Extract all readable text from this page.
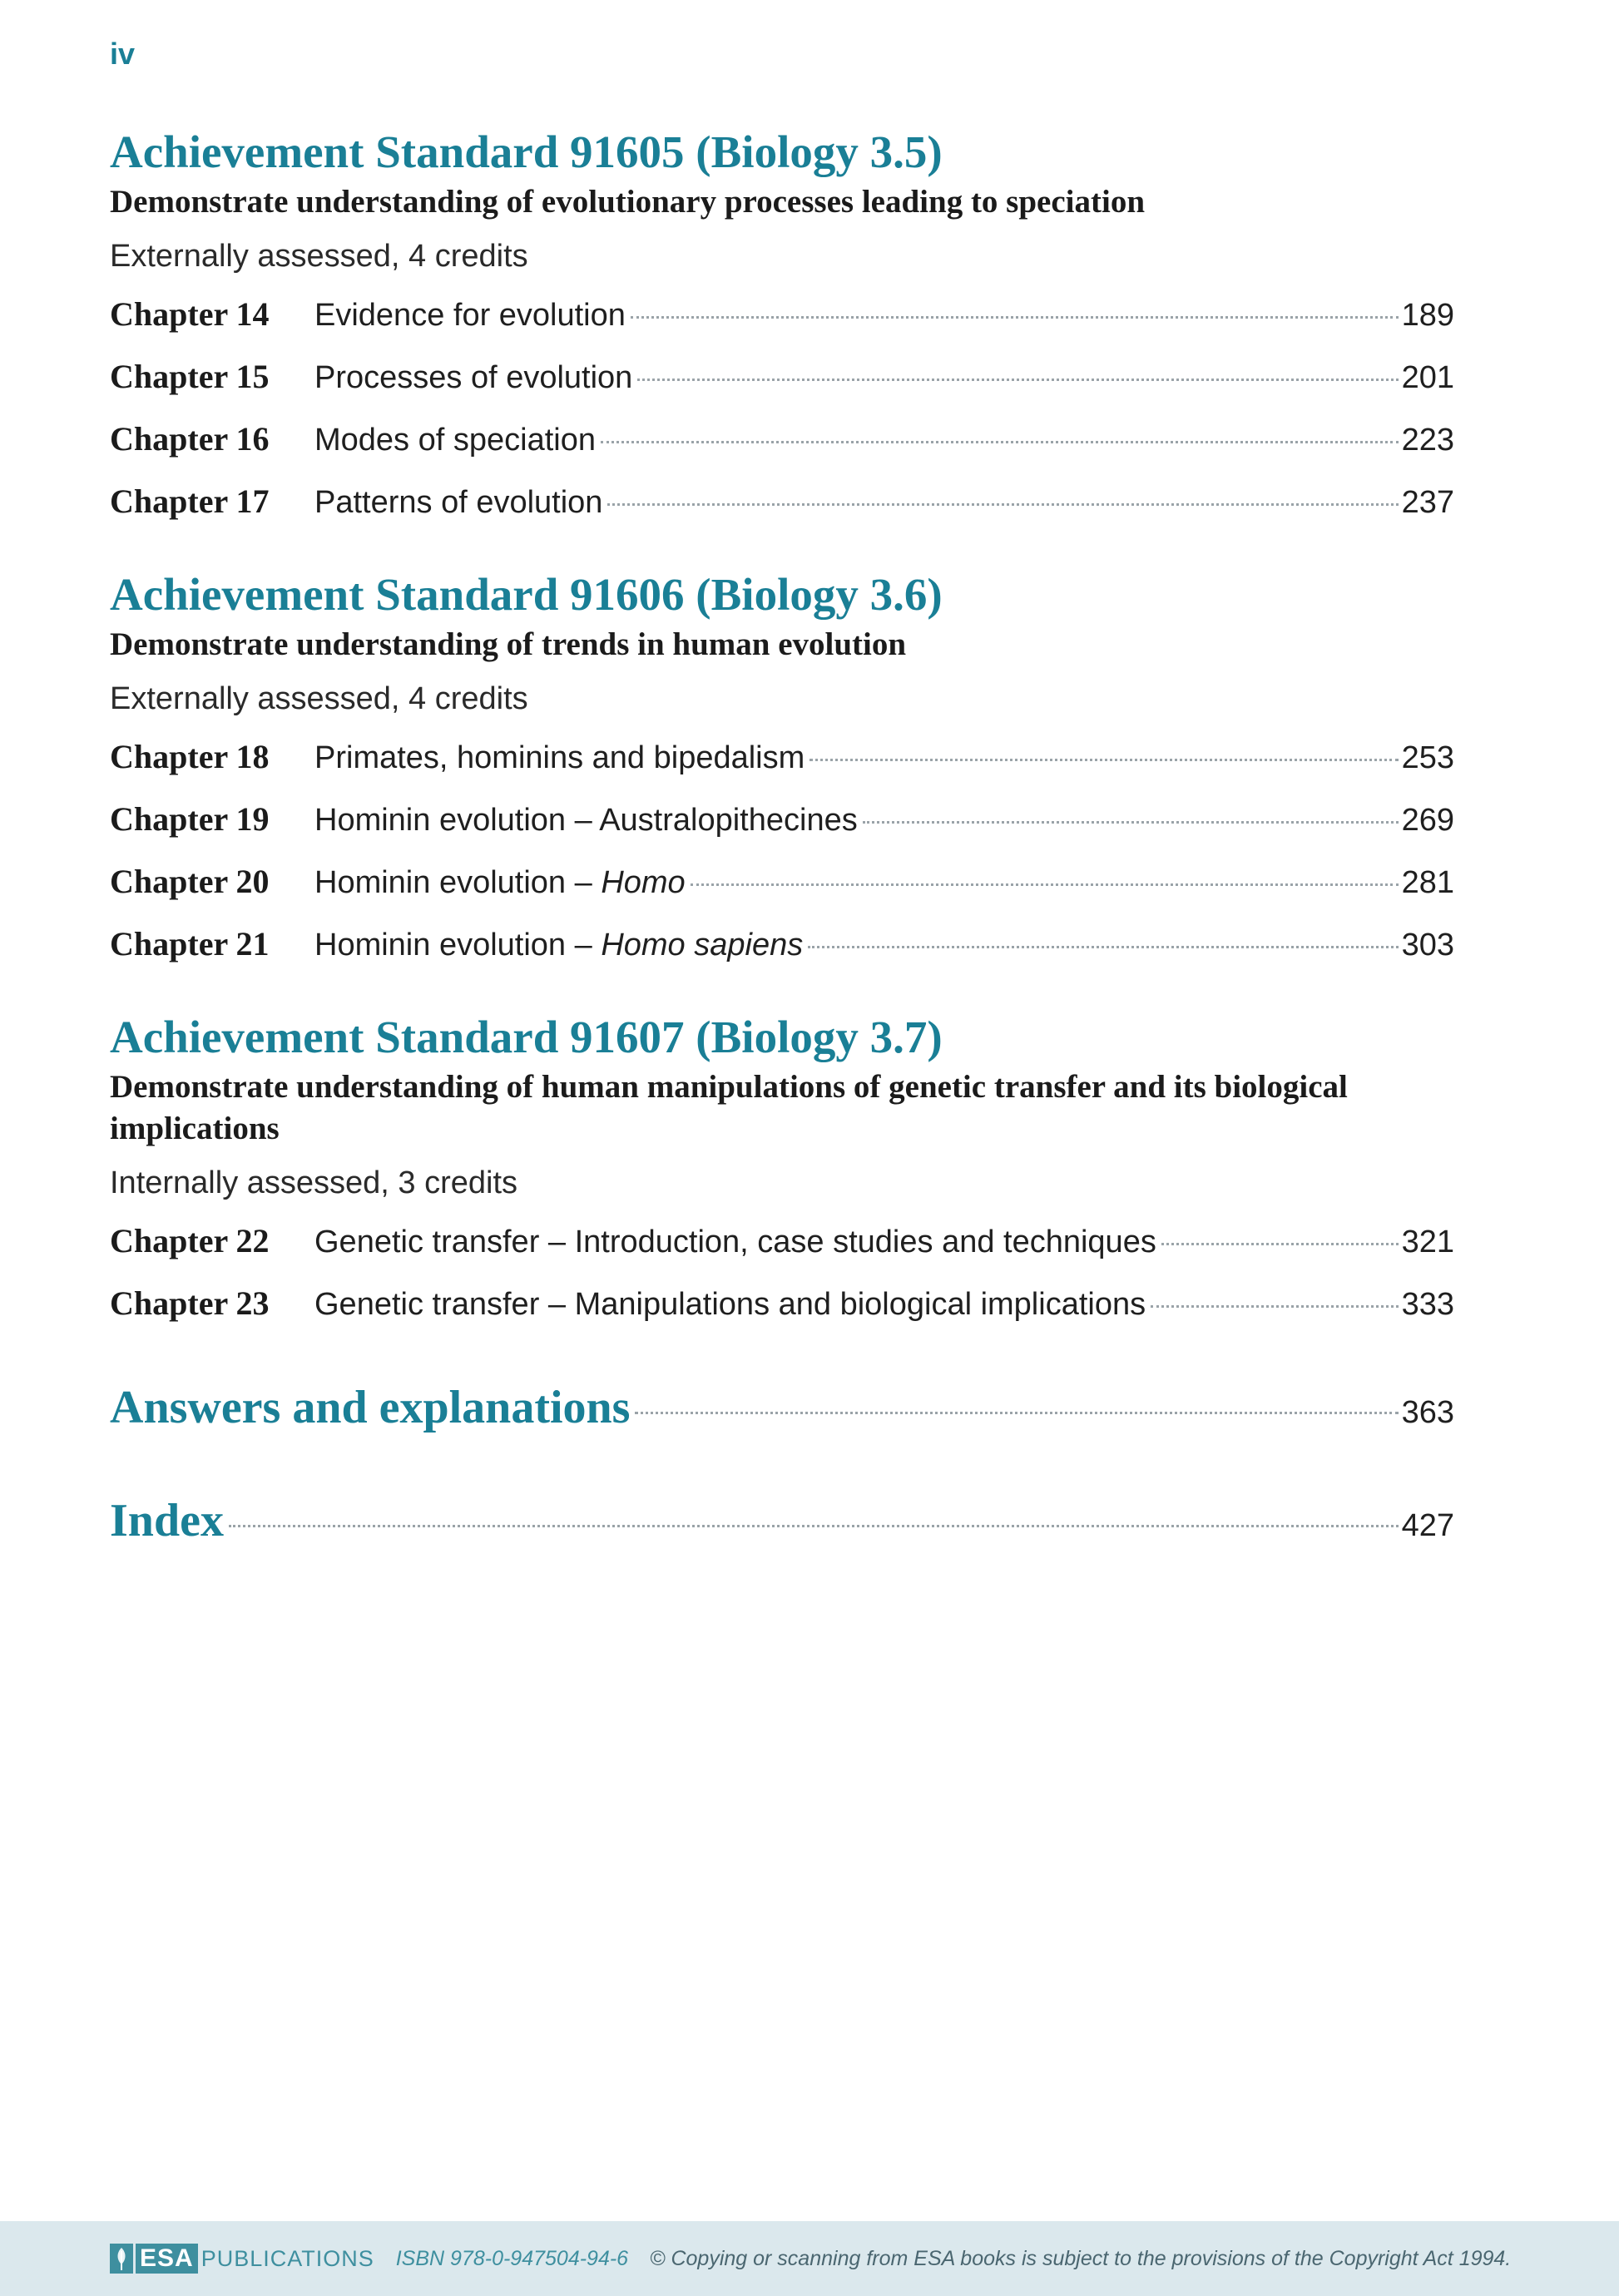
iv
Achievement Standard 91605 (Biology 3.5)

Demonstrate understanding of evolutionary processes leading to speciation

Externally assessed, 4 credits
Chapter 14	Evidence for evolution	189
Chapter 15	Processes of evolution	201
Chapter 16	Modes of speciation	223
Chapter 17	Patterns of evolution	237
Achievement Standard 91606 (Biology 3.6)

Demonstrate understanding of trends in human evolution

Externally assessed, 4 credits
Chapter 18	Primates, hominins and bipedalism	253
Chapter 19	Hominin evolution – Australopithecines	269
Chapter 20	Hominin evolution – Homo	281
Chapter 21	Hominin evolution – Homo sapiens	303
Achievement Standard 91607 (Biology 3.7)

Demonstrate understanding of human manipulations of genetic transfer and its biological implications

Internally assessed, 3 credits
Chapter 22	Genetic transfer – Introduction, case studies and techniques	321
Chapter 23	Genetic transfer – Manipulations and biological implications	333
Answers and explanations	363
Index	427
ESA PUBLICATIONS ISBN 978-0-947504-94-6 © Copying or scanning from ESA books is subject to the provisions of the Copyright Act 1994.
